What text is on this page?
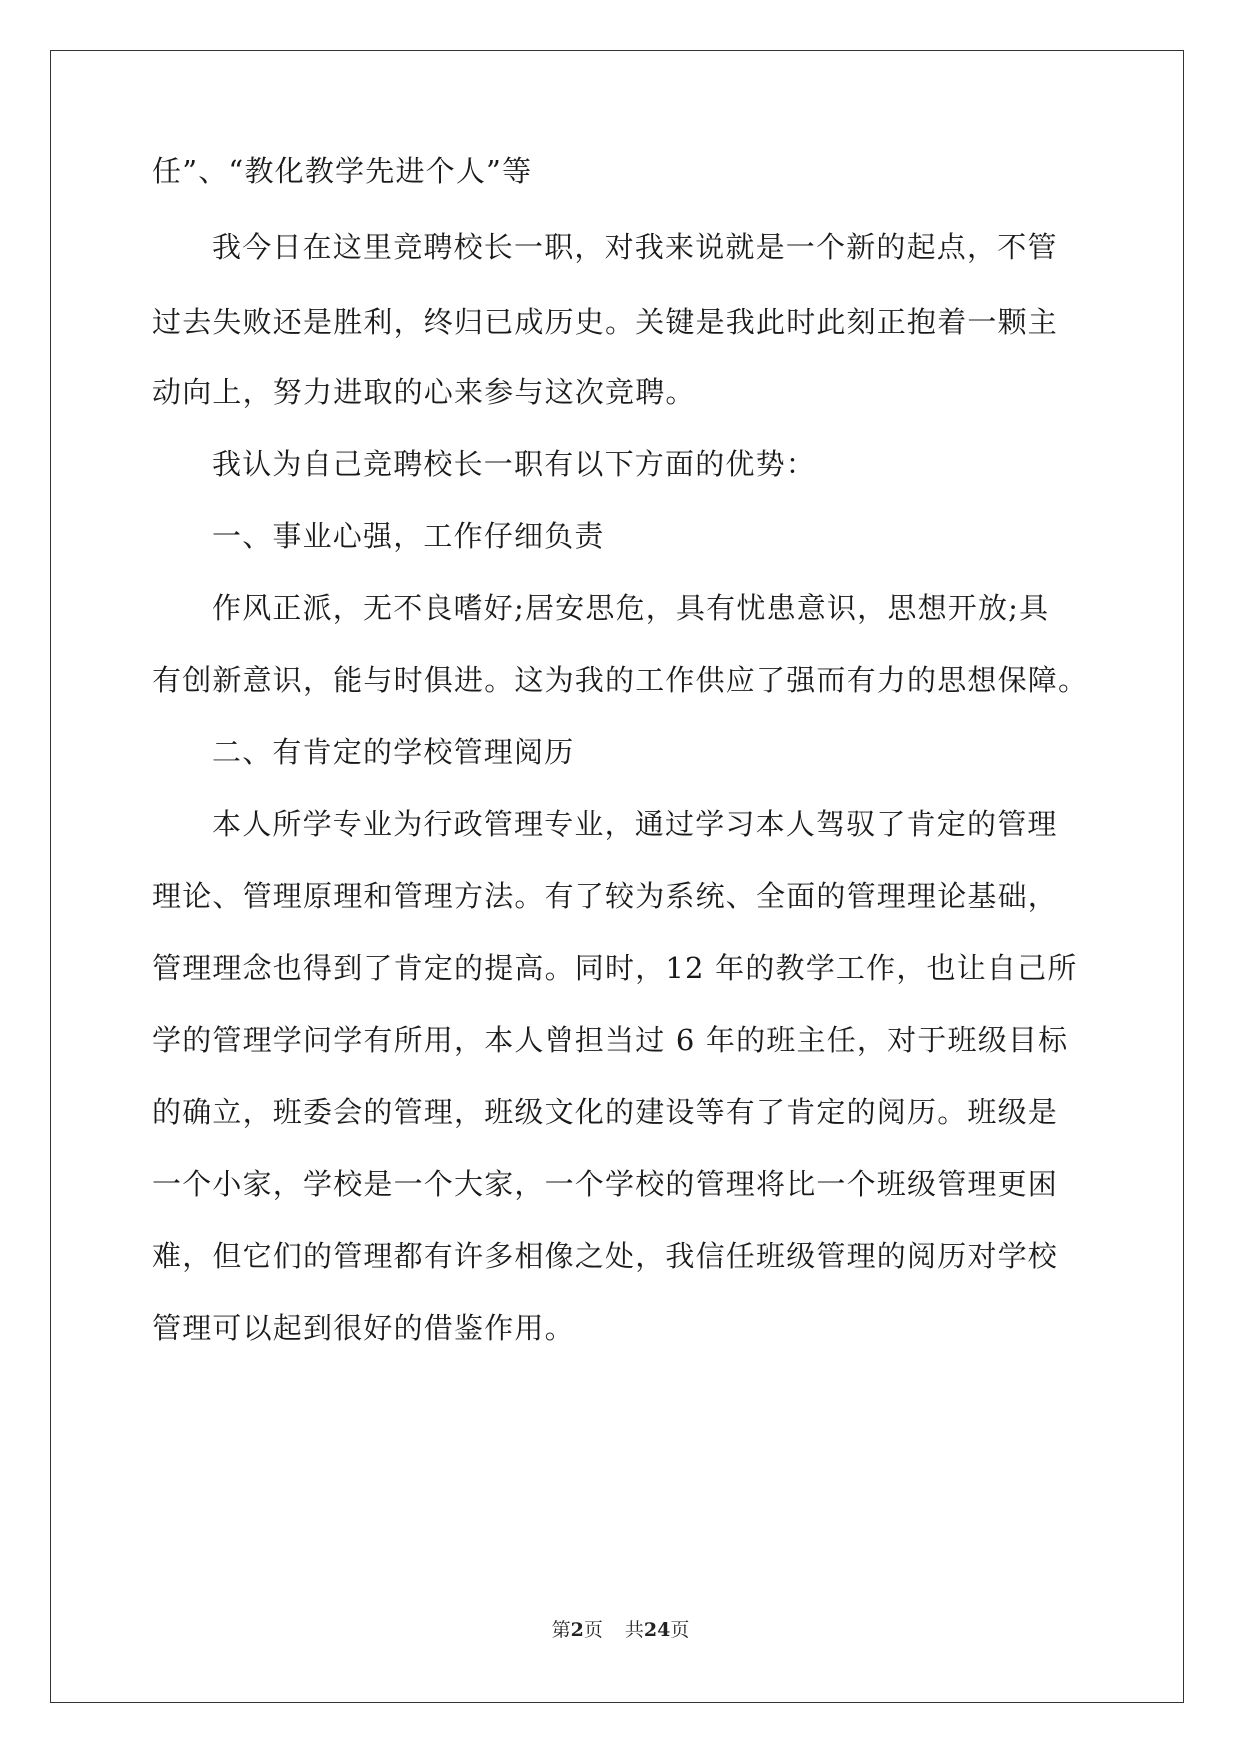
任”、“教化教学先进个人”等
我今日在这里竞聘校长一职，对我来说就是一个新的起点，不管
过去失败还是胜利，终归已成历史。关键是我此时此刻正抱着一颗主
动向上，努力进取的心来参与这次竞聘。
我认为自己竞聘校长一职有以下方面的优势：
一、事业心强，工作仔细负责
作风正派，无不良嗜好;居安思危，具有忧患意识，思想开放;具
有创新意识，能与时俱进。这为我的工作供应了强而有力的思想保障。
二、有肯定的学校管理阅历
本人所学专业为行政管理专业，通过学习本人驾驭了肯定的管理
理论、管理原理和管理方法。有了较为系统、全面的管理理论基础，
管理理念也得到了肯定的提高。同时，12 年的教学工作，也让自己所
学的管理学问学有所用，本人曾担当过 6 年的班主任，对于班级目标
的确立，班委会的管理，班级文化的建设等有了肯定的阅历。班级是
一个小家，学校是一个大家，一个学校的管理将比一个班级管理更困
难，但它们的管理都有许多相像之处，我信任班级管理的阅历对学校
管理可以起到很好的借鉴作用。
第2页 共24页
